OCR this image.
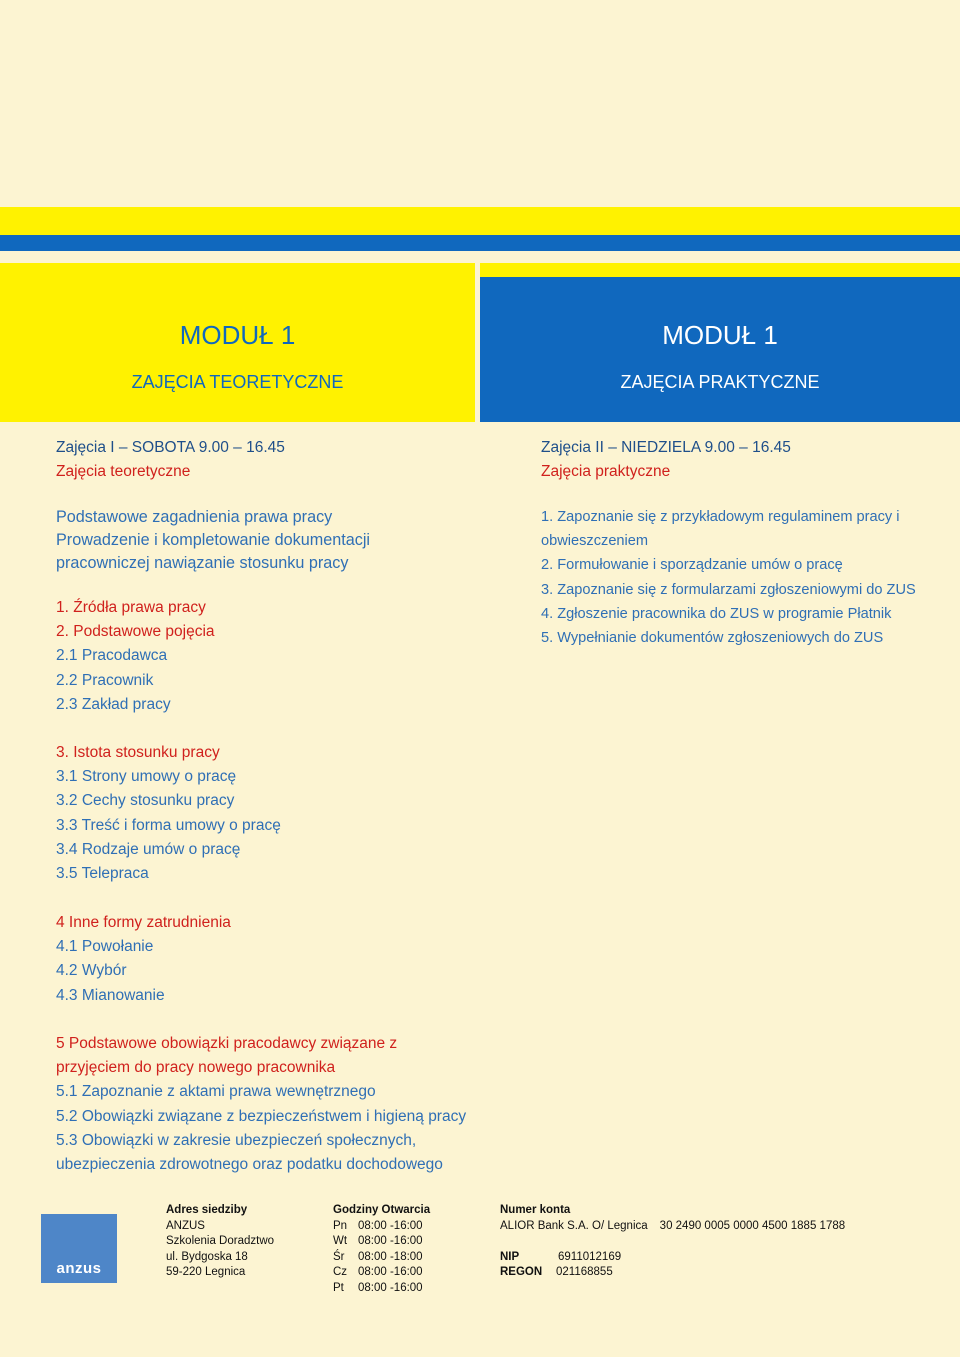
MODUŁ 1
ZAJĘCIA TEORETYCZNE
MODUŁ 1
ZAJĘCIA PRAKTYCZNE
Zajęcia I – SOBOTA 9.00 – 16.45
Zajęcia teoretyczne
Podstawowe zagadnienia prawa pracy
Prowadzenie i kompletowanie dokumentacji
pracowniczej nawiązanie stosunku pracy
1. Źródła prawa pracy
2. Podstawowe pojęcia
2.1 Pracodawca
2.2 Pracownik
2.3 Zakład pracy
3. Istota stosunku pracy
3.1 Strony umowy o pracę
3.2 Cechy stosunku pracy
3.3 Treść i forma umowy o pracę
3.4 Rodzaje umów o pracę
3.5 Telepraca
4 Inne formy zatrudnienia
4.1 Powołanie
4.2 Wybór
4.3 Mianowanie
5 Podstawowe obowiązki pracodawcy związane z
przyjęciem do pracy nowego pracownika
5.1 Zapoznanie z aktami prawa wewnętrznego
5.2 Obowiązki związane z bezpieczeństwem i higieną pracy
5.3 Obowiązki w zakresie ubezpieczeń społecznych,
ubezpieczenia zdrowotnego oraz podatku dochodowego
Zajęcia II – NIEDZIELA 9.00 – 16.45
Zajęcia praktyczne
1. Zapoznanie się z przykładowym regulaminem pracy i
obwieszczeniem
2. Formułowanie i sporządzanie umów o pracę
3. Zapoznanie się z formularzami zgłoszeniowymi do ZUS
4. Zgłoszenie pracownika do ZUS w programie Płatnik
5. Wypełnianie dokumentów zgłoszeniowych do ZUS
anzus
Adres siedziby
ANZUS
Szkolenia Doradztwo
ul. Bydgoska 18
59-220 Legnica
Godziny Otwarcia
Pn 08:00 -16:00
Wt 08:00 -16:00
Śr 08:00 -18:00
Cz 08:00 -16:00
Pt 08:00 -16:00
Numer konta
ALIOR Bank S.A. O/ Legnica 30 2490 0005 0000 4500 1885 1788

NIP	6911012169
REGON 021168855
